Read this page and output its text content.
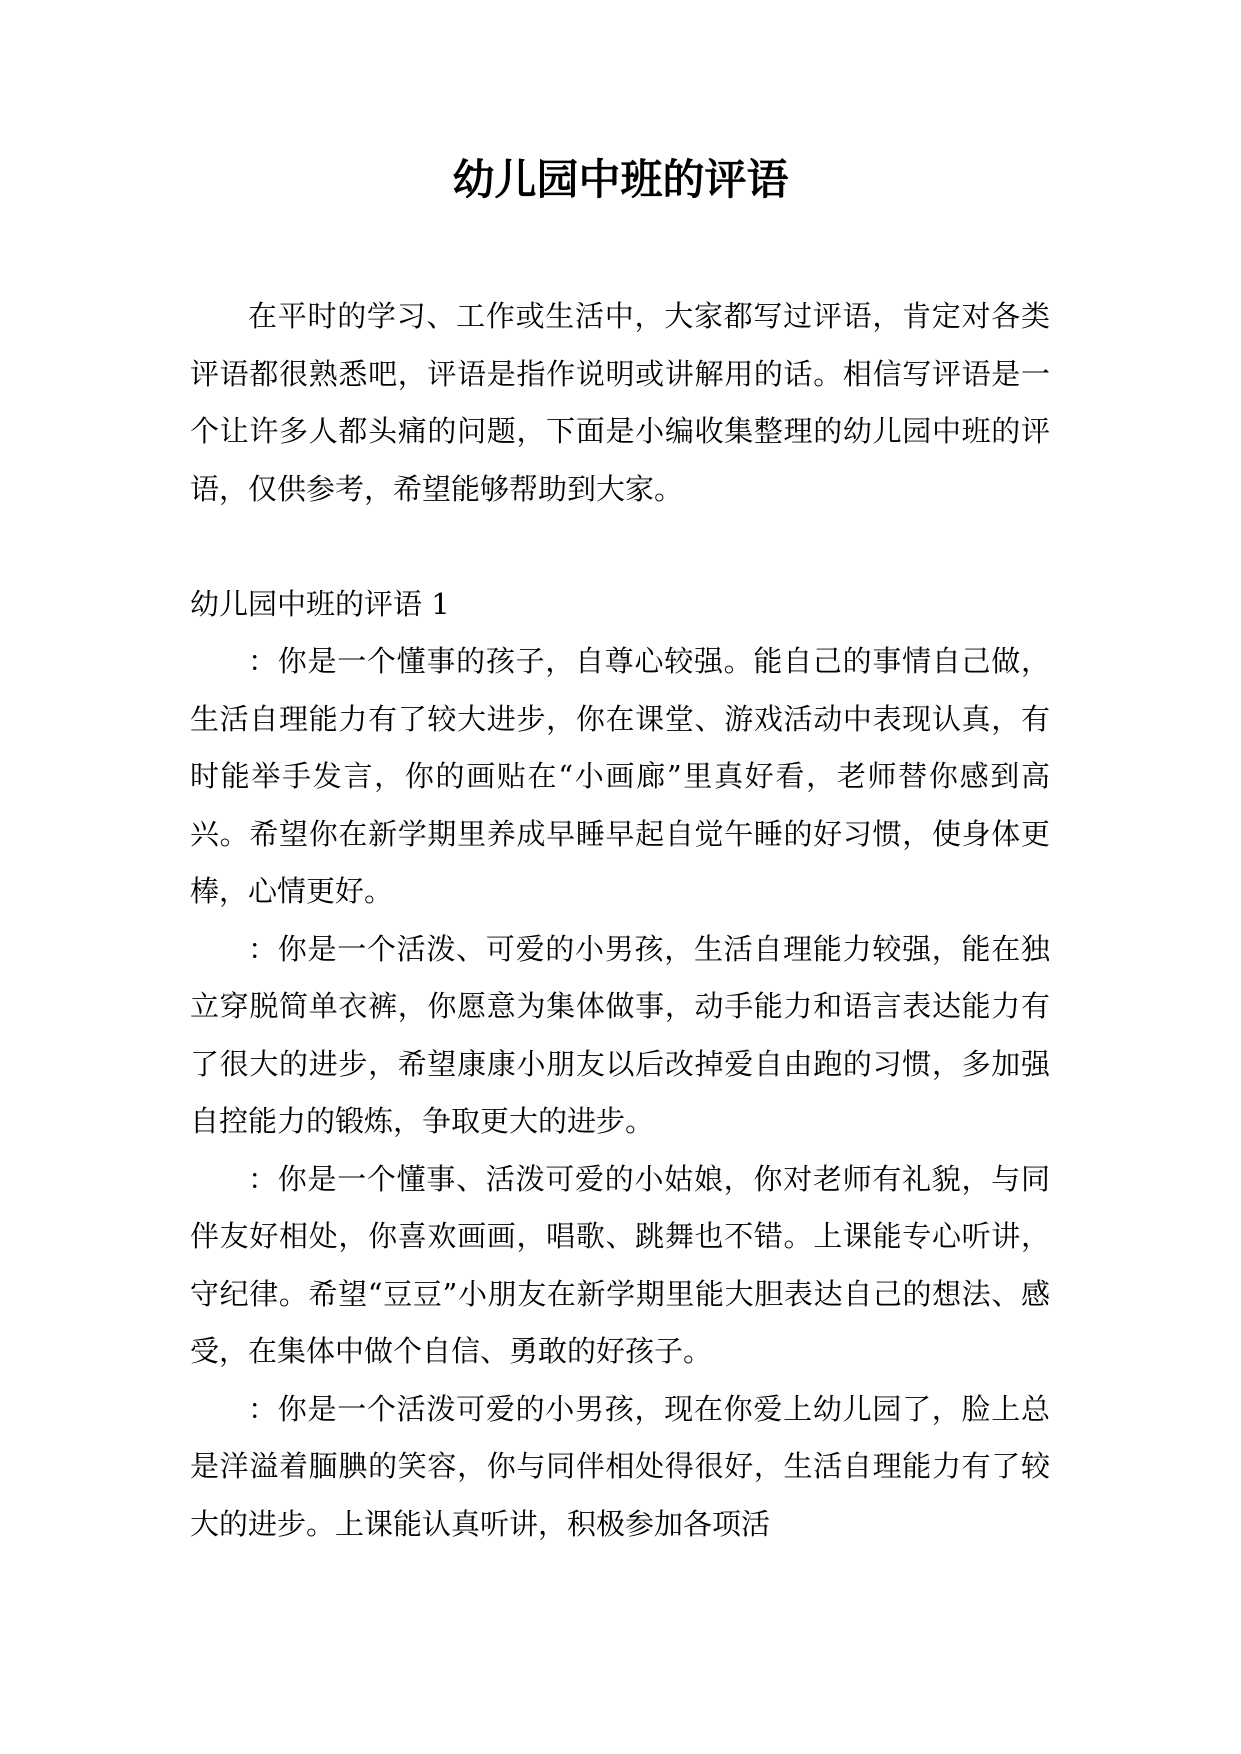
幼儿园中班的评语

在平时的学习、工作或生活中，大家都写过评语，肯定对各类评语都很熟悉吧，评语是指作说明或讲解用的话。相信写评语是一个让许多人都头痛的问题，下面是小编收集整理的幼儿园中班的评语，仅供参考，希望能够帮助到大家。

幼儿园中班的评语 1

：你是一个懂事的孩子，自尊心较强。能自己的事情自己做，生活自理能力有了较大进步，你在课堂、游戏活动中表现认真，有时能举手发言，你的画贴在“小画廊”里真好看，老师替你感到高兴。希望你在新学期里养成早睡早起自觉午睡的好习惯，使身体更棒，心情更好。

：你是一个活泼、可爱的小男孩，生活自理能力较强，能在独立穿脱简单衣裤，你愿意为集体做事，动手能力和语言表达能力有了很大的进步，希望康康小朋友以后改掉爱自由跑的习惯，多加强自控能力的锻炼，争取更大的进步。

：你是一个懂事、活泼可爱的小姑娘，你对老师有礼貌，与同伴友好相处，你喜欢画画，唱歌、跳舞也不错。上课能专心听讲，守纪律。希望“豆豆”小朋友在新学期里能大胆表达自己的想法、感受，在集体中做个自信、勇敢的好孩子。

：你是一个活泼可爱的小男孩，现在你爱上幼儿园了，脸上总是洋溢着腼腆的笑容，你与同伴相处得很好，生活自理能力有了较大的进步。上课能认真听讲，积极参加各项活
